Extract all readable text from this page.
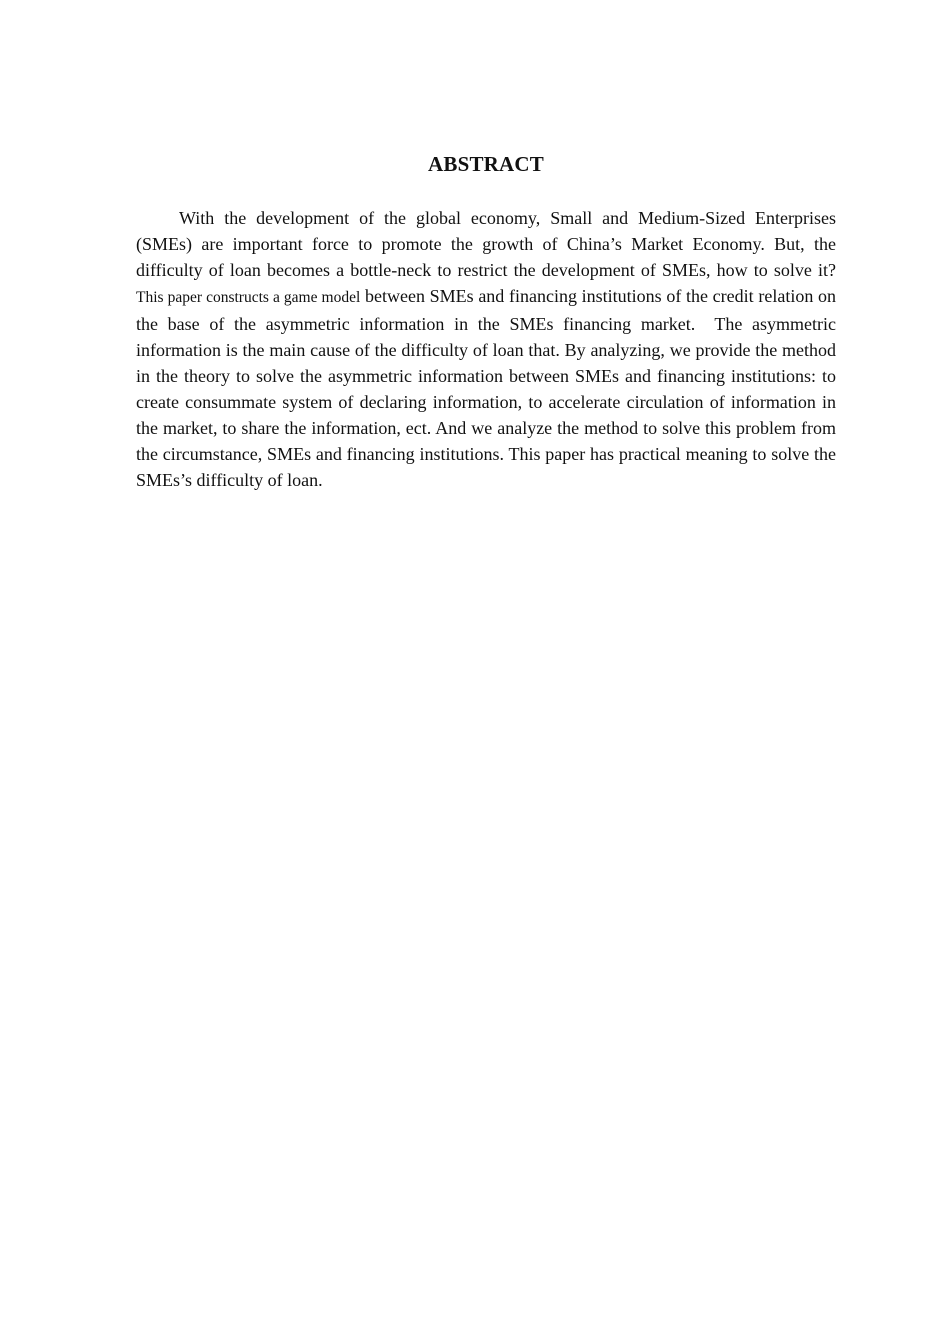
ABSTRACT

With the development of the global economy, Small and Medium-Sized Enterprises (SMEs) are important force to promote the growth of China’s Market Economy. But, the difficulty of loan becomes a bottle-neck to restrict the development of SMEs, how to solve it? This paper constructs a game model between SMEs and financing institutions of the credit relation on the base of the asymmetric information in the SMEs financing market.  The asymmetric information is the main cause of the difficulty of loan that. By analyzing, we provide the method in the theory to solve the asymmetric information between SMEs and financing institutions: to create consummate system of declaring information, to accelerate circulation of information in the market, to share the information, ect. And we analyze the method to solve this problem from the circumstance, SMEs and financing institutions. This paper has practical meaning to solve the SMEs’s difficulty of loan.
